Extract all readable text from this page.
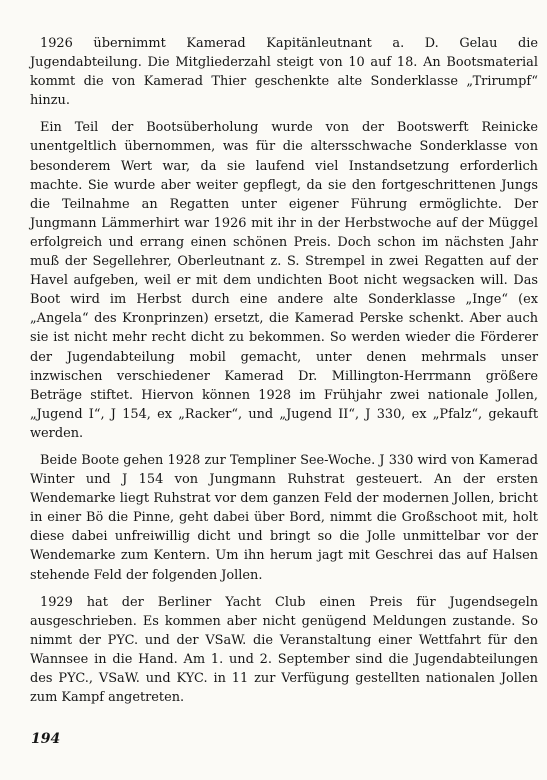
1926 übernimmt Kamerad Kapitänleutnant a. D. Gelau die Jugendabteilung. Die Mitgliederzahl steigt von 10 auf 18. An Bootsmaterial kommt die von Kamerad Thier geschenkte alte Sonderklasse „Trirumpf“ hinzu.

Ein Teil der Bootsüberholung wurde von der Bootswerft Reinicke unentgeltlich übernommen, was für die altersschwache Sonderklasse von besonderem Wert war, da sie laufend viel Instandsetzung erforderlich machte. Sie wurde aber weiter gepflegt, da sie den fortgeschrittenen Jungs die Teilnahme an Regatten unter eigener Führung ermöglichte. Der Jungmann Lämmerhirt war 1926 mit ihr in der Herbstwoche auf der Müggel erfolgreich und errang einen schönen Preis. Doch schon im nächsten Jahr muß der Segellehrer, Oberleutnant z. S. Strempel in zwei Regatten auf der Havel aufgeben, weil er mit dem undichten Boot nicht wegsacken will. Das Boot wird im Herbst durch eine andere alte Sonderklasse „Inge“ (ex „Angela“ des Kronprinzen) ersetzt, die Kamerad Perske schenkt. Aber auch sie ist nicht mehr recht dicht zu bekommen. So werden wieder die Förderer der Jugendabteilung mobil gemacht, unter denen mehrmals unser inzwischen verschiedener Kamerad Dr. Millington-Herrmann größere Beträge stiftet. Hiervon können 1928 im Frühjahr zwei nationale Jollen, „Jugend I“, J 154, ex „Racker“, und „Jugend II“, J 330, ex „Pfalz“, gekauft werden.

Beide Boote gehen 1928 zur Templiner See-Woche. J 330 wird von Kamerad Winter und J 154 von Jungmann Ruhstrat gesteuert. An der ersten Wendemarke liegt Ruhstrat vor dem ganzen Feld der modernen Jollen, bricht in einer Bö die Pinne, geht dabei über Bord, nimmt die Großschoot mit, holt diese dabei unfreiwillig dicht und bringt so die Jolle unmittelbar vor der Wendemarke zum Kentern. Um ihn herum jagt mit Geschrei das auf Halsen stehende Feld der folgenden Jollen.

1929 hat der Berliner Yacht Club einen Preis für Jugendsegeln ausgeschrieben. Es kommen aber nicht genügend Meldungen zustande. So nimmt der PYC. und der VSaW. die Veranstaltung einer Wettfahrt für den Wannsee in die Hand. Am 1. und 2. September sind die Jugendabteilungen des PYC., VSaW. und KYC. in 11 zur Verfügung gestellten nationalen Jollen zum Kampf angetreten.

194
